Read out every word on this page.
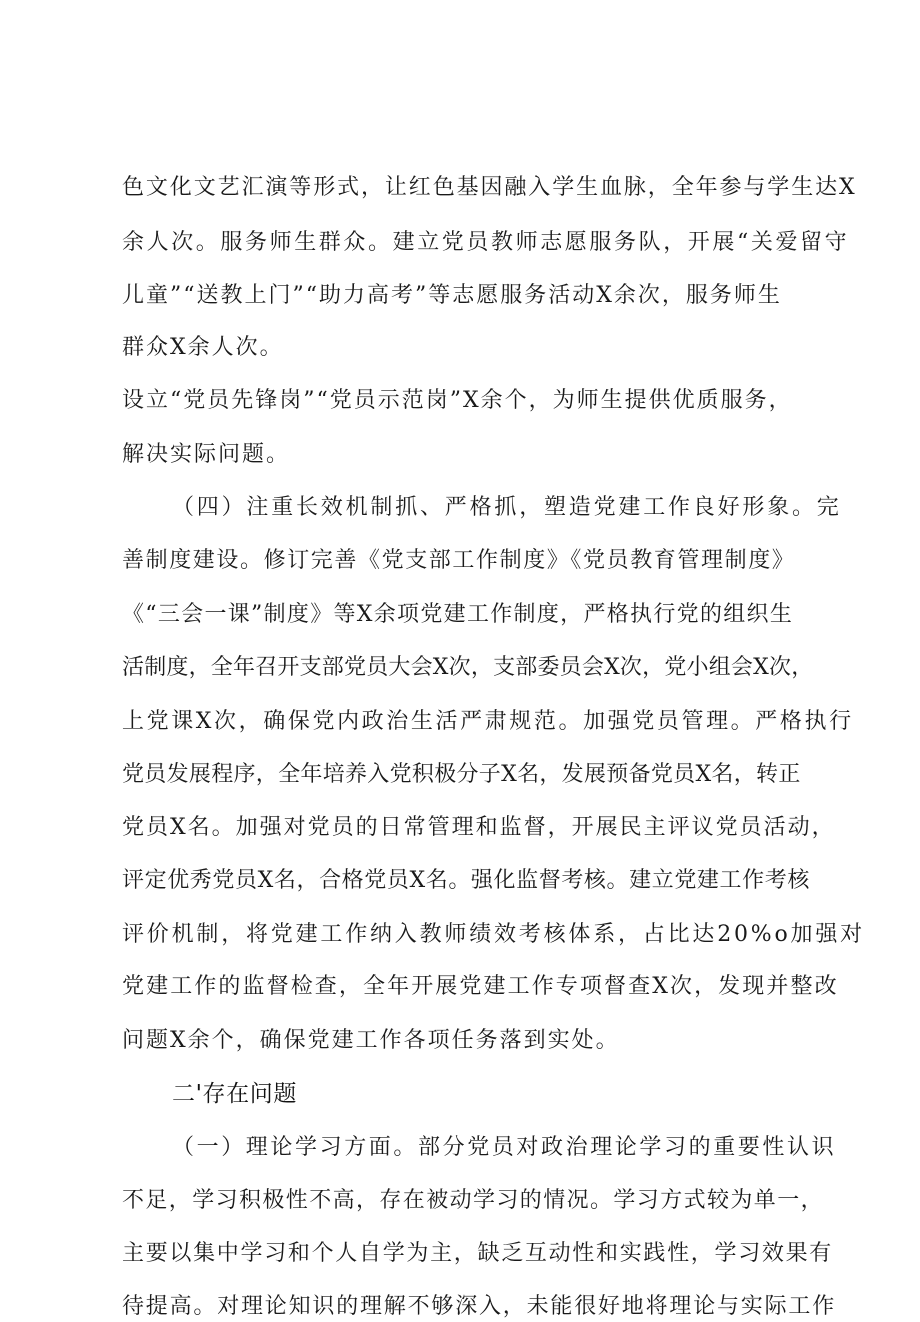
色文化文艺汇演等形式，让红色基因融入学生血脉，全年参与学生达X

余人次。服务师生群众。建立党员教师志愿服务队，开展“关爱留守

儿童”“送教上门”“助力高考”等志愿服务活动X余次，服务师生

群众X余人次。

设立“党员先锋岗”“党员示范岗”X余个，为师生提供优质服务，

解决实际问题。

（四）注重长效机制抓、严格抓，塑造党建工作良好形象。完

善制度建设。修订完善《党支部工作制度》《党员教育管理制度》

《“三会一课”制度》等X余项党建工作制度，严格执行党的组织生

活制度，全年召开支部党员大会X次，支部委员会X次，党小组会X次，

上党课X次，确保党内政治生活严肃规范。加强党员管理。严格执行

党员发展程序，全年培养入党积极分子X名，发展预备党员X名，转正

党员X名。加强对党员的日常管理和监督，开展民主评议党员活动，

评定优秀党员X名，合格党员X名。强化监督考核。建立党建工作考核

评价机制，将党建工作纳入教师绩效考核体系，占比达20%o加强对

党建工作的监督检查，全年开展党建工作专项督查X次，发现并整改

问题X余个，确保党建工作各项任务落到实处。

二'存在问题

（一）理论学习方面。部分党员对政治理论学习的重要性认识

不足，学习积极性不高，存在被动学习的情况。学习方式较为单一，

主要以集中学习和个人自学为主，缺乏互动性和实践性，学习效果有

待提高。对理论知识的理解不够深入，未能很好地将理论与实际工作
